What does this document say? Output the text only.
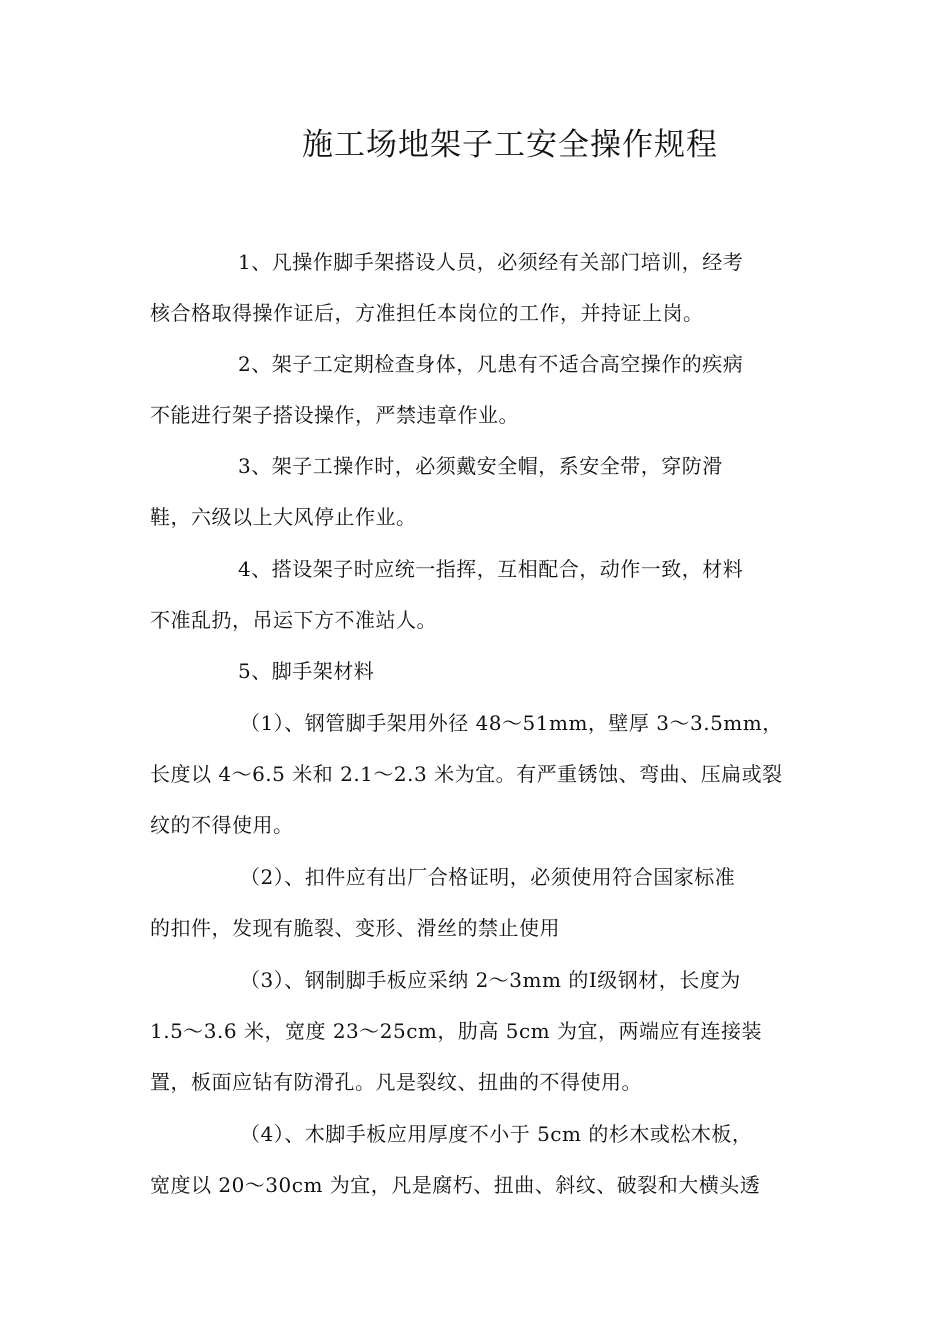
施工场地架子工安全操作规程
1、凡操作脚手架搭设人员，必须经有关部门培训，经考
核合格取得操作证后，方准担任本岗位的工作，并持证上岗。
2、架子工定期检查身体，凡患有不适合高空操作的疾病
不能进行架子搭设操作，严禁违章作业。
3、架子工操作时，必须戴安全帽，系安全带，穿防滑
鞋，六级以上大风停止作业。
4、搭设架子时应统一指挥，互相配合，动作一致，材料
不准乱扔，吊运下方不准站人。
5、脚手架材料
（1）、钢管脚手架用外径 48～51mm，壁厚 3～3.5mm，
长度以 4～6.5 米和 2.1～2.3 米为宜。有严重锈蚀、弯曲、压扁或裂
纹的不得使用。
（2）、扣件应有出厂合格证明，必须使用符合国家标准
的扣件，发现有脆裂、变形、滑丝的禁止使用
（3）、钢制脚手板应采纳 2～3mm 的Ⅰ级钢材，长度为
1.5～3.6 米，宽度 23～25cm，肋高 5cm 为宜，两端应有连接装
置，板面应钻有防滑孔。凡是裂纹、扭曲的不得使用。
（4）、木脚手板应用厚度不小于 5cm 的杉木或松木板，
宽度以 20～30cm 为宜，凡是腐朽、扭曲、斜纹、破裂和大横头透
